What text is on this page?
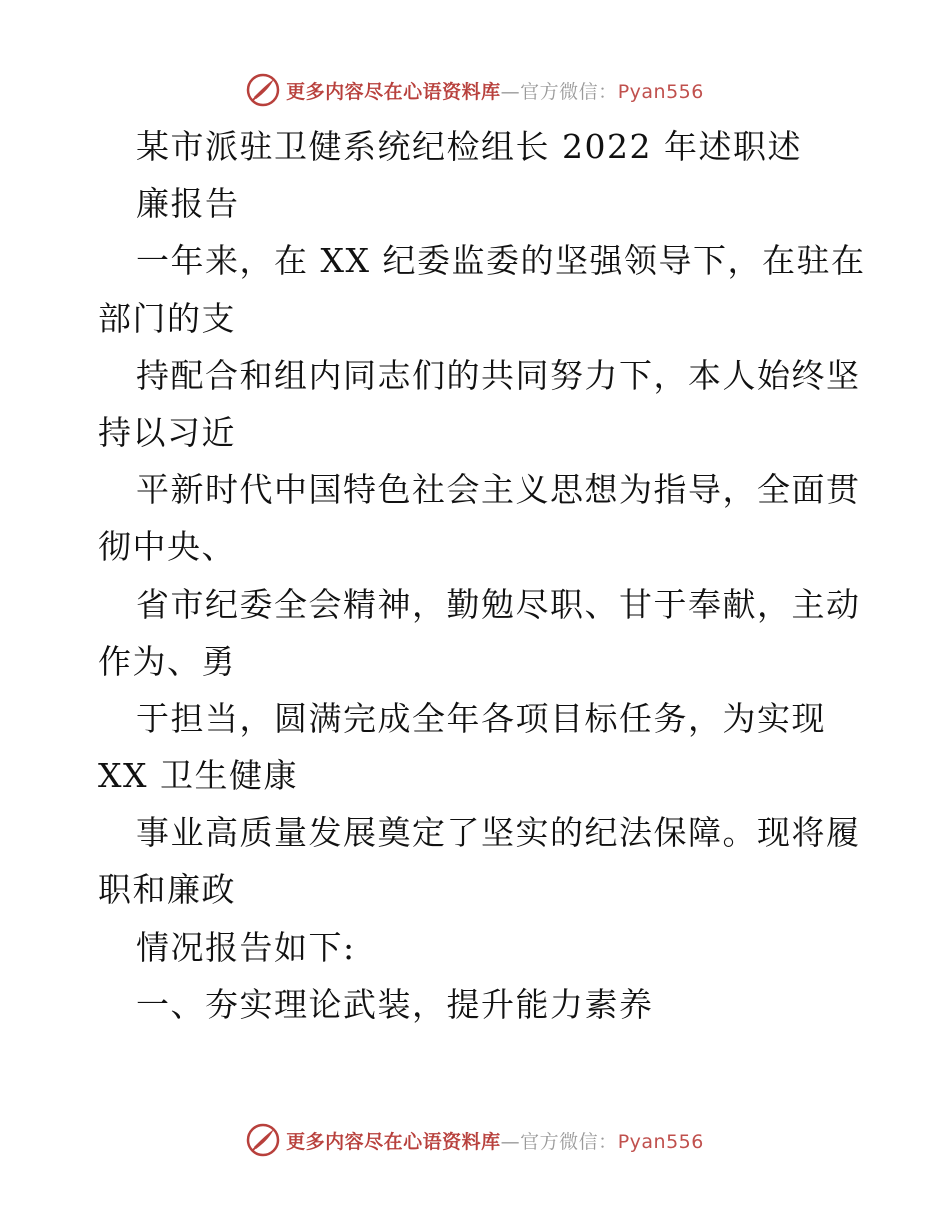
更多内容尽在心语资料库—官方微信：Pyan556
某市派驻卫健系统纪检组长 2022 年述职述
廉报告
一年来，在 XX 纪委监委的坚强领导下，在驻在
部门的支
持配合和组内同志们的共同努力下，本人始终坚
持以习近
平新时代中国特色社会主义思想为指导，全面贯
彻中央、
省市纪委全会精神，勤勉尽职、甘于奉献，主动
作为、勇
于担当，圆满完成全年各项目标任务，为实现
XX 卫生健康
事业高质量发展奠定了坚实的纪法保障。现将履
职和廉政
情况报告如下:
一、夯实理论武装，提升能力素养
更多内容尽在心语资料库—官方微信：Pyan556
